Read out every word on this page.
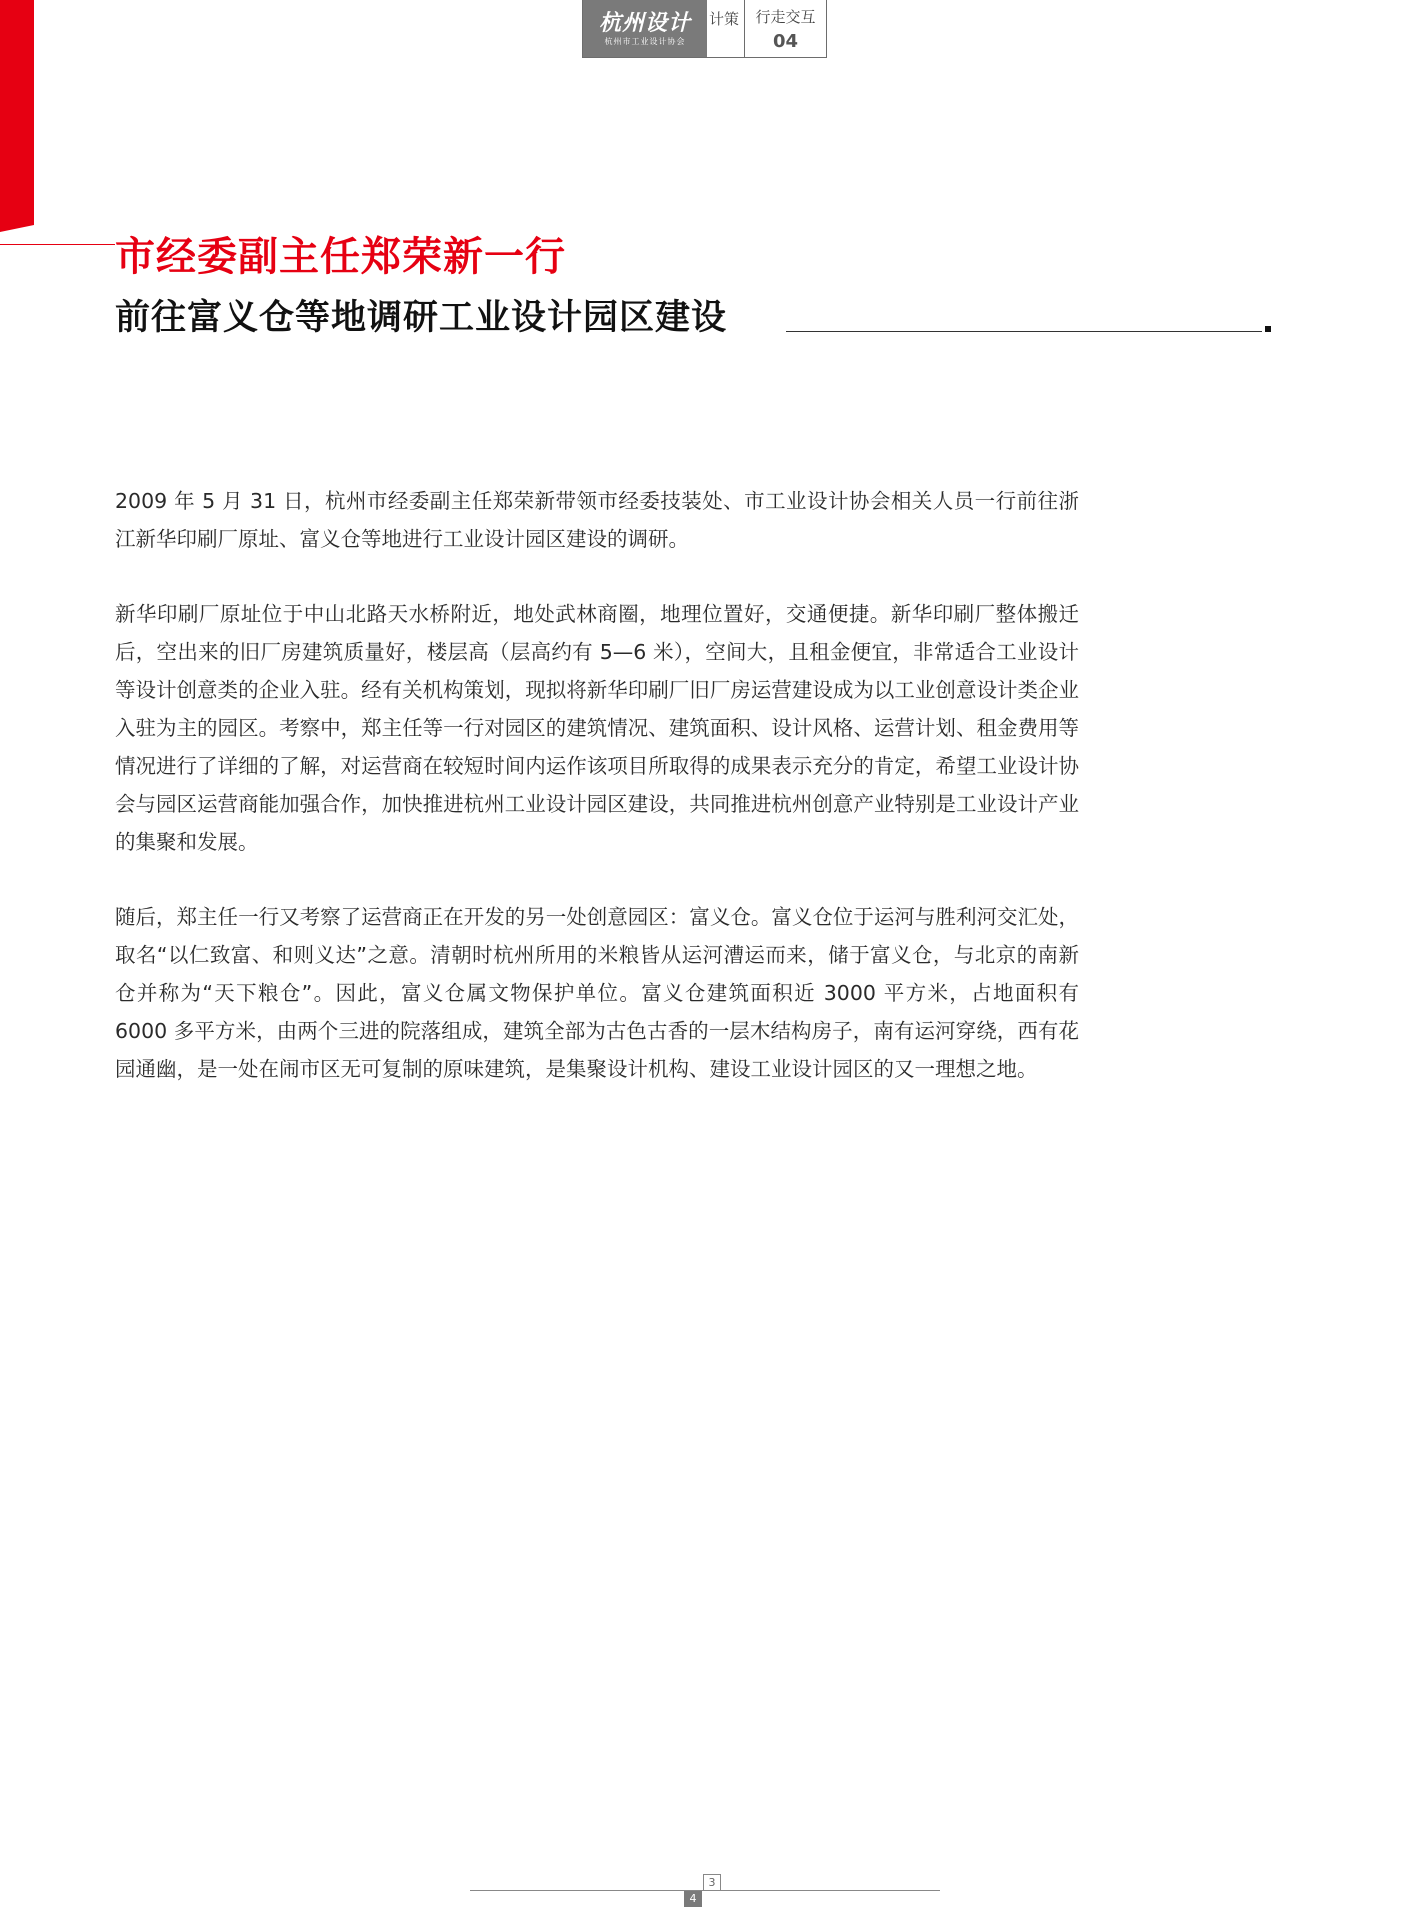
杭州设计
杭州市工业设计协会
计策	行走交互
04
市经委副主任郑荣新一行
前往富义仓等地调研工业设计园区建设

2009 年 5 月 31 日，杭州市经委副主任郑荣新带领市经委技装处、市工业设计协会相关人员一行前往浙江新华印刷厂原址、富义仓等地进行工业设计园区建设的调研。

新华印刷厂原址位于中山北路天水桥附近，地处武林商圈，地理位置好，交通便捷。新华印刷厂整体搬迁后，空出来的旧厂房建筑质量好，楼层高（层高约有 5—6 米），空间大，且租金便宜，非常适合工业设计等设计创意类的企业入驻。经有关机构策划，现拟将新华印刷厂旧厂房运营建设成为以工业创意设计类企业入驻为主的园区。考察中，郑主任等一行对园区的建筑情况、建筑面积、设计风格、运营计划、租金费用等情况进行了详细的了解，对运营商在较短时间内运作该项目所取得的成果表示充分的肯定，希望工业设计协会与园区运营商能加强合作，加快推进杭州工业设计园区建设，共同推进杭州创意产业特别是工业设计产业的集聚和发展。

随后，郑主任一行又考察了运营商正在开发的另一处创意园区：富义仓。富义仓位于运河与胜利河交汇处，取名“以仁致富、和则义达”之意。清朝时杭州所用的米粮皆从运河漕运而来，储于富义仓，与北京的南新仓并称为“天下粮仓”。因此，富义仓属文物保护单位。富义仓建筑面积近 3000 平方米，占地面积有 6000 多平方米，由两个三进的院落组成，建筑全部为古色古香的一层木结构房子，南有运河穿绕，西有花园通幽，是一处在闹市区无可复制的原味建筑，是集聚设计机构、建设工业设计园区的又一理想之地。

3
4
